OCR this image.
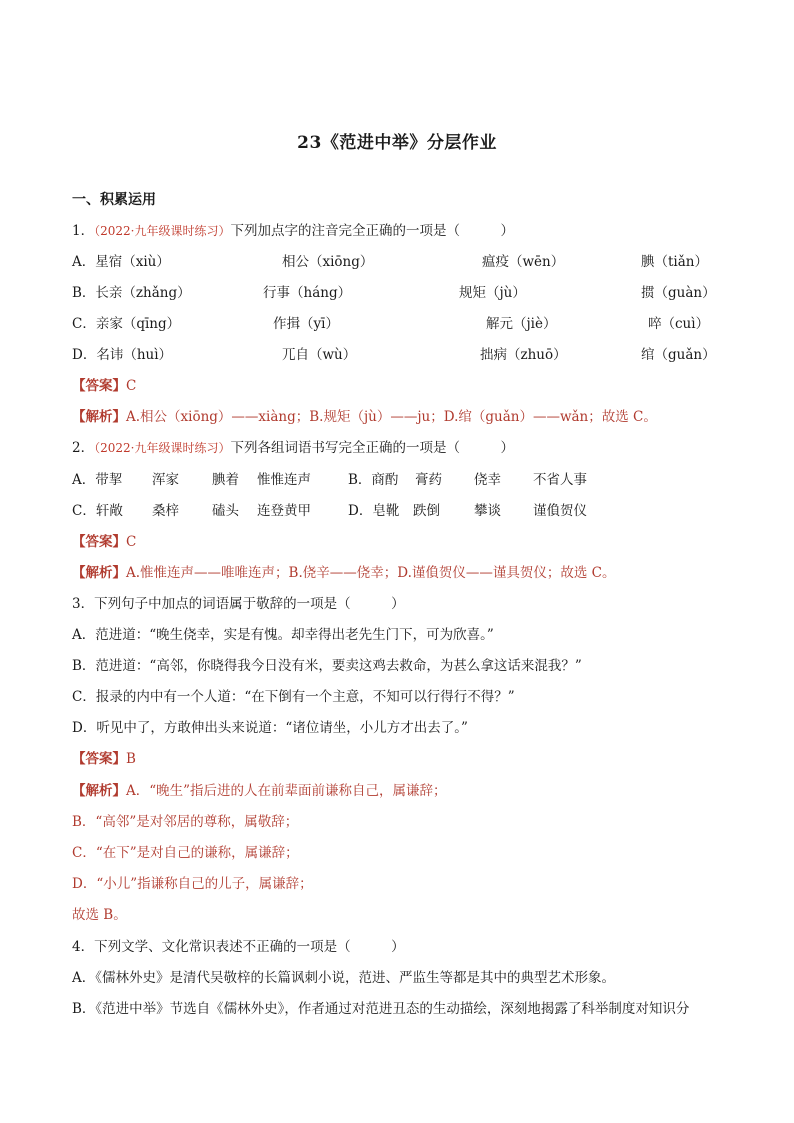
23《范进中举》分层作业
一、积累运用
1．（2022·九年级课时练习）下列加点字的注音完全正确的一项是（　　　）
A．星宿（xiù）	相公（xiōng）	瘟疫（wēn）	腆（tiǎn）
B．长亲（zhǎng）	行事（háng）	规矩（jù）	掼（guàn）
C．亲家（qīng）	作揖（yī）	解元（jiè）	啐（cuì）
D．名讳（huì）	兀自（wù）	拙病（zhuō）	绾（guǎn）
【答案】C
【解析】A.相公（xiōng）——xiàng；B.规矩（jù）——ju；D.绾（guǎn）——wǎn；故选 C。
2．（2022·九年级课时练习）下列各组词语书写完全正确的一项是（　　　）
A．带挈 浑家 腆着 惟惟连声	B．商酌 膏药 侥幸 不省人事
C．轩敞 桑梓 磕头 连登黄甲	D．皂靴 跌倒	攀谈 谨偩贺仪
【答案】C
【解析】A.惟惟连声——唯唯连声；B.侥辛——侥幸；D.谨偩贺仪——谨具贺仪；故选 C。
3．下列句子中加点的词语属于敬辞的一项是（　　　）
A．范进道：“晚生侥幸，实是有愧。却幸得出老先生门下，可为欣喜。”
B．范进道：“高邻，你晓得我今日没有米，要卖这鸡去救命，为甚么拿这话来混我？”
C．报录的内中有一个人道：“在下倒有一个主意，不知可以行得行不得？”
D．听见中了，方敢伸出头来说道：“诸位请坐，小儿方才出去了。”
【答案】B
【解析】A．“晚生”指后进的人在前辈面前谦称自己，属谦辞；
B．“高邻”是对邻居的尊称，属敬辞；
C．“在下”是对自己的谦称，属谦辞；
D．“小儿”指谦称自己的儿子，属谦辞；
故选 B。
4．下列文学、文化常识表述不正确的一项是（　　　）
A．《儒林外史》是清代吴敬梓的长篇讽刺小说，范进、严监生等都是其中的典型艺术形象。
B．《范进中举》节选自《儒林外史》，作者通过对范进丑态的生动描绘，深刻地揭露了科举制度对知识分
